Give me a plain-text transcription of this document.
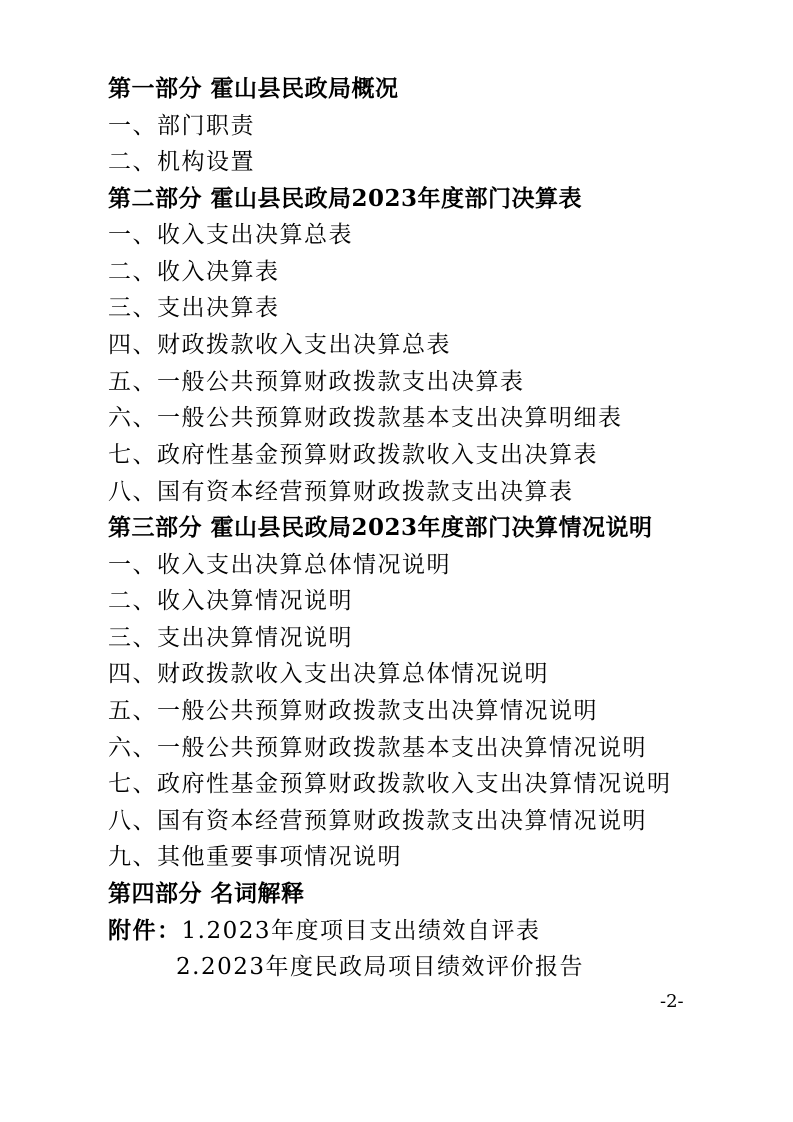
第一部分 霍山县民政局概况
一、部门职责
二、机构设置
第二部分 霍山县民政局2023年度部门决算表
一、收入支出决算总表
二、收入决算表
三、支出决算表
四、财政拨款收入支出决算总表
五、一般公共预算财政拨款支出决算表
六、一般公共预算财政拨款基本支出决算明细表
七、政府性基金预算财政拨款收入支出决算表
八、国有资本经营预算财政拨款支出决算表
第三部分 霍山县民政局2023年度部门决算情况说明
一、收入支出决算总体情况说明
二、收入决算情况说明
三、支出决算情况说明
四、财政拨款收入支出决算总体情况说明
五、一般公共预算财政拨款支出决算情况说明
六、一般公共预算财政拨款基本支出决算情况说明
七、政府性基金预算财政拨款收入支出决算情况说明
八、国有资本经营预算财政拨款支出决算情况说明
九、其他重要事项情况说明
第四部分 名词解释
附件：1.2023年度项目支出绩效自评表
2.2023年度民政局项目绩效评价报告
-2-
